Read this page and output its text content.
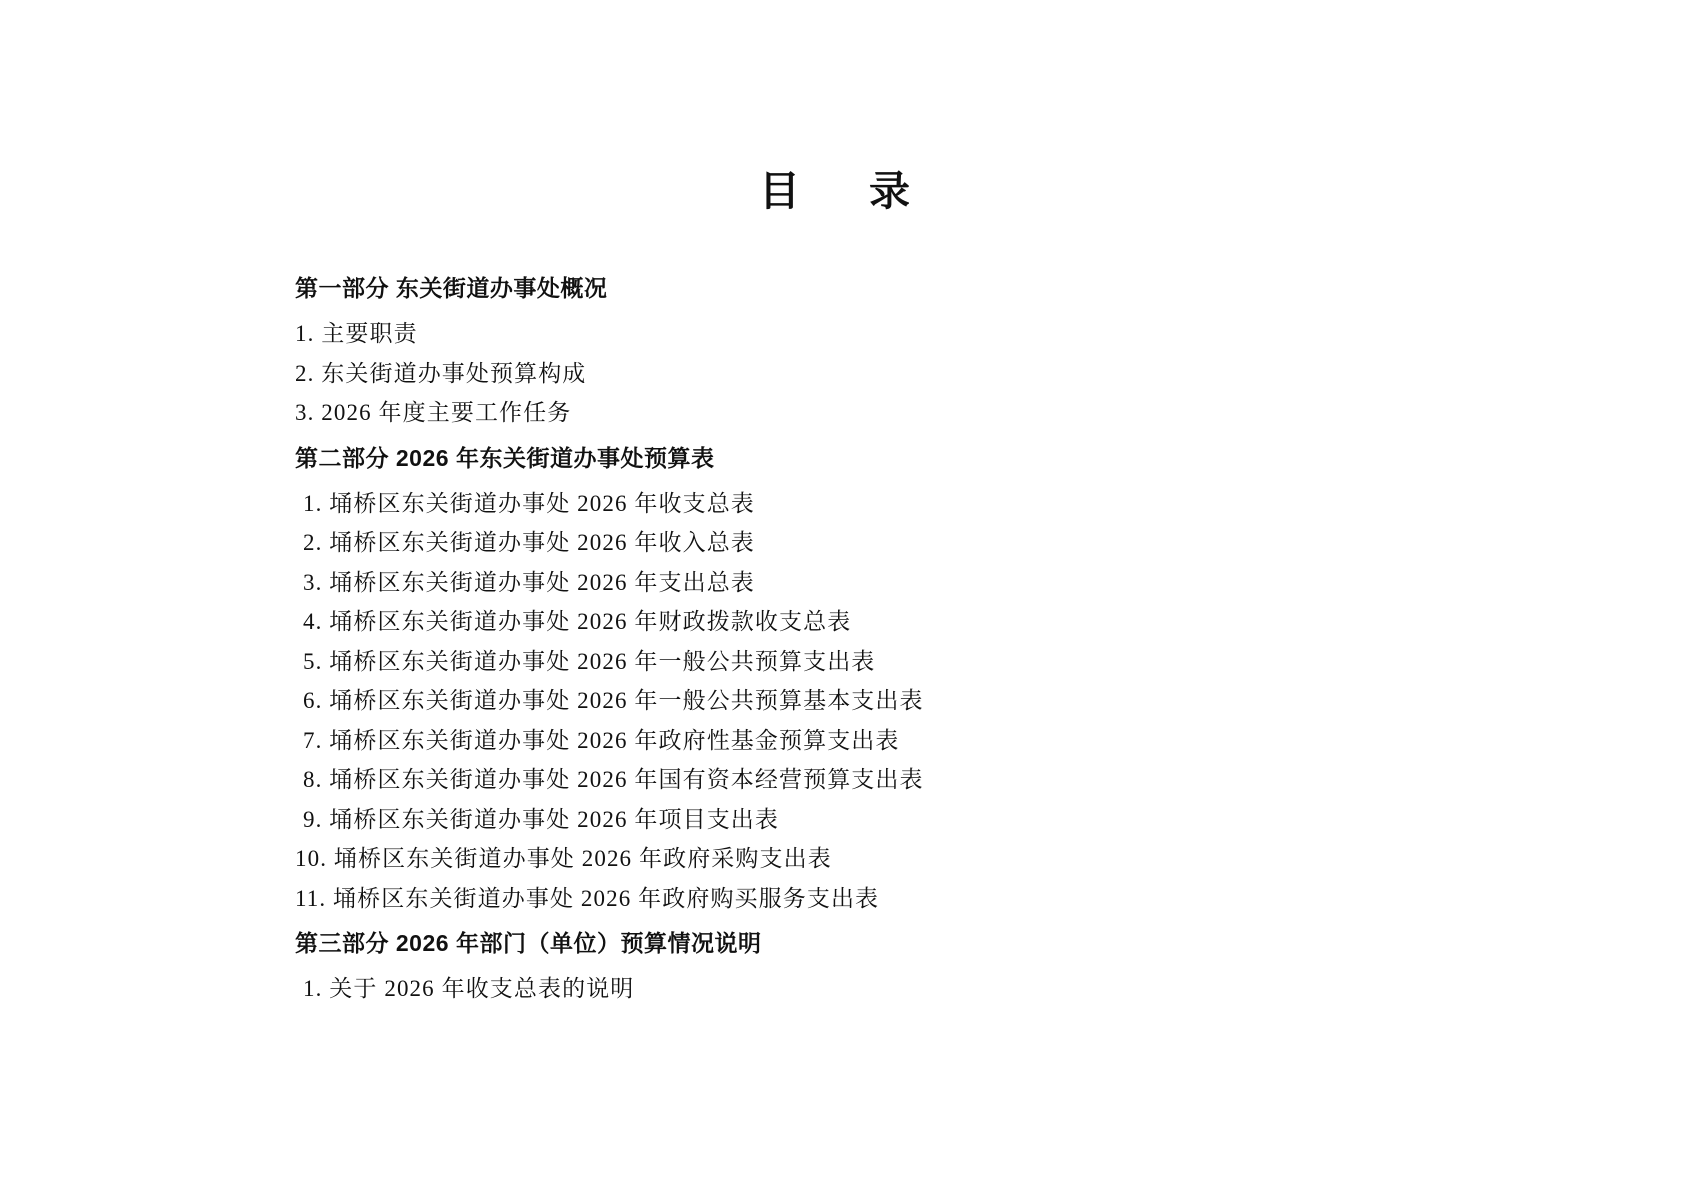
目　录

第一部分 东关街道办事处概况

1. 主要职责

2. 东关街道办事处预算构成

3. 2026 年度主要工作任务

第二部分 2026 年东关街道办事处预算表

1. 埇桥区东关街道办事处 2026 年收支总表

2. 埇桥区东关街道办事处 2026 年收入总表

3. 埇桥区东关街道办事处 2026 年支出总表

4. 埇桥区东关街道办事处 2026 年财政拨款收支总表

5. 埇桥区东关街道办事处 2026 年一般公共预算支出表

6. 埇桥区东关街道办事处 2026 年一般公共预算基本支出表

7. 埇桥区东关街道办事处 2026 年政府性基金预算支出表

8. 埇桥区东关街道办事处 2026 年国有资本经营预算支出表

9. 埇桥区东关街道办事处 2026 年项目支出表

10. 埇桥区东关街道办事处 2026 年政府采购支出表

11. 埇桥区东关街道办事处 2026 年政府购买服务支出表

第三部分 2026 年部门（单位）预算情况说明

1. 关于 2026 年收支总表的说明
